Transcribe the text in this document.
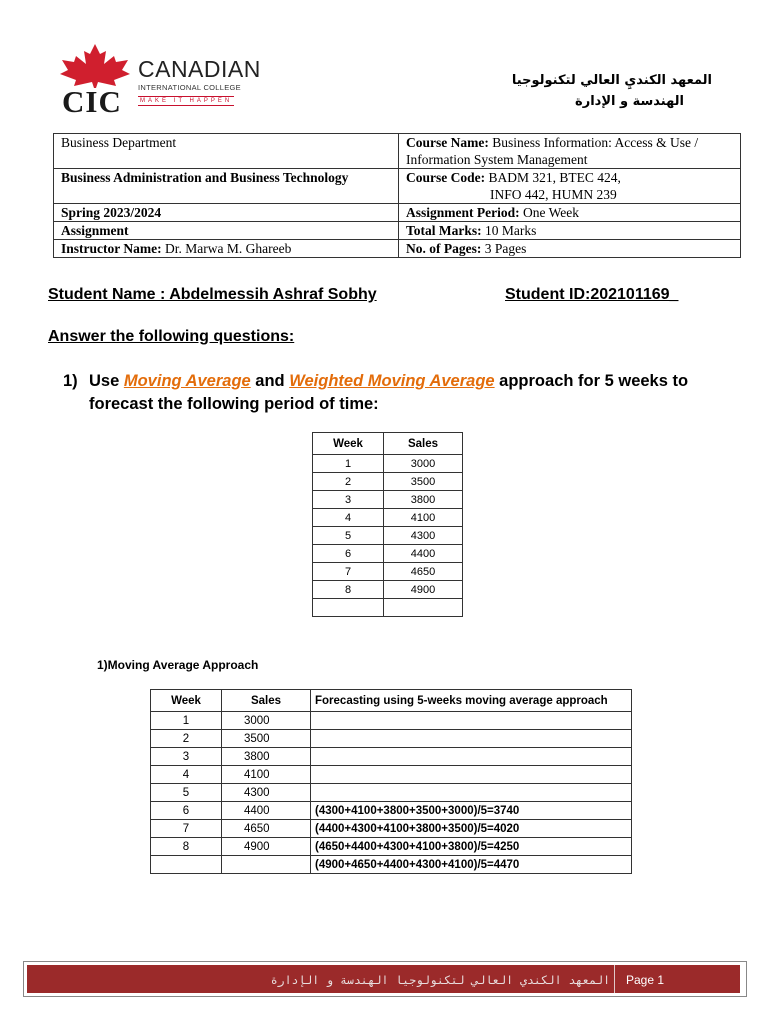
CIC
CANADIAN
INTERNATIONAL COLLEGE
MAKE IT HAPPEN
المعهد الكنديِ العالي لتكنولوجيا
الهندسة و الإدارة
Business Department	Course Name: Business Information: Access & Use / Information System Management
Business Administration and Business Technology	Course Code: BADM 321, BTEC 424,
INFO 442, HUMN 239

Spring 2023/2024	Assignment Period: One Week
Assignment	Total Marks: 10 Marks
Instructor Name: Dr. Marwa M. Ghareeb	No. of Pages: 3 Pages
Student Name : Abdelmessih Ashraf Sobhy	Student ID:202101169_
Answer the following questions:
1) Use Moving Average and Weighted Moving Average approach for 5 weeks to forecast the following period of time:
Week	Sales
1	3000
2	3500
3	3800
4	4100
5	4300
6	4400
7	4650
8	4900

1)Moving Average Approach
Week	Sales	Forecasting using 5-weeks moving average approach
1	3000	
2	3500	
3	3800	
4	4100	
5	4300	
6	4400	(4300+4100+3800+3500+3000)/5=3740
7	4650	(4400+4300+4100+3800+3500)/5=4020
8	4900	(4650+4400+4300+4100+3800)/5=4250
		(4900+4650+4400+4300+4100)/5=4470
المعهد الكندي العالي لتكنولوجيا الهندسة و الإدارة Page 1
